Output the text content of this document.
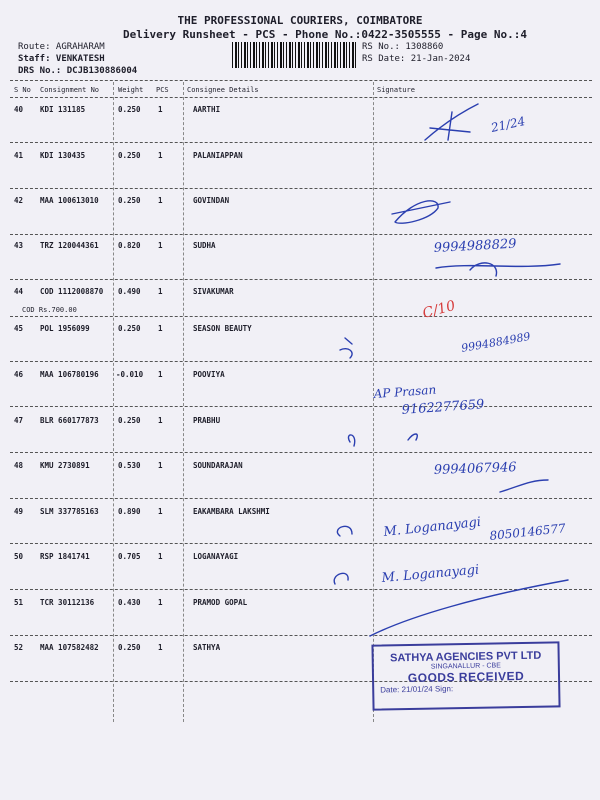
THE PROFESSIONAL COURIERS, COIMBATORE
Delivery Runsheet - PCS - Phone No.:0422-3505555 - Page No.:4
Route: AGRAHARAM
Staff: VENKATESH
DRS No.: DCJB130886004
RS No.: 1308860
RS Date: 21-Jan-2024
S No Consignment No	Weight PCS	Consignee Details	Signature
40 KDI 131185	0.250 1	AARTHI
41 KDI 130435	0.250 1	PALANIAPPAN
42 MAA 100613010	0.250 1	GOVINDAN
43 TRZ 120044361	0.820 1	SUDHA
44 COD 1112008870 0.490 1	SIVAKUMAR
COD Rs.700.00
45 POL 1956099	0.250 1	SEASON BEAUTY
46 MAA 106780196 -0.010 1	POOVIYA
47 BLR 660177873	0.250 1	PRABHU
48 KMU 2730891	0.530 1	SOUNDARAJAN
49 SLM 337785163	0.890 1	EAKAMBARA LAKSHMI
50 RSP 1841741	0.705 1	LOGANAYAGI
51 TCR 30112136	0.430 1	PRAMOD GOPAL
52 MAA 107582482	0.250 1	SATHYA
21/24
9994988829
9994884989
AP Prasan
9162277659
9994067946
M. Loganayagi 8050146577
M. Loganayagi
C/10
SATHYA AGENCIES PVT LTD
SINGANALLUR - CBE
GOODS RECEIVED
Date: 21/01/24 Sign:
